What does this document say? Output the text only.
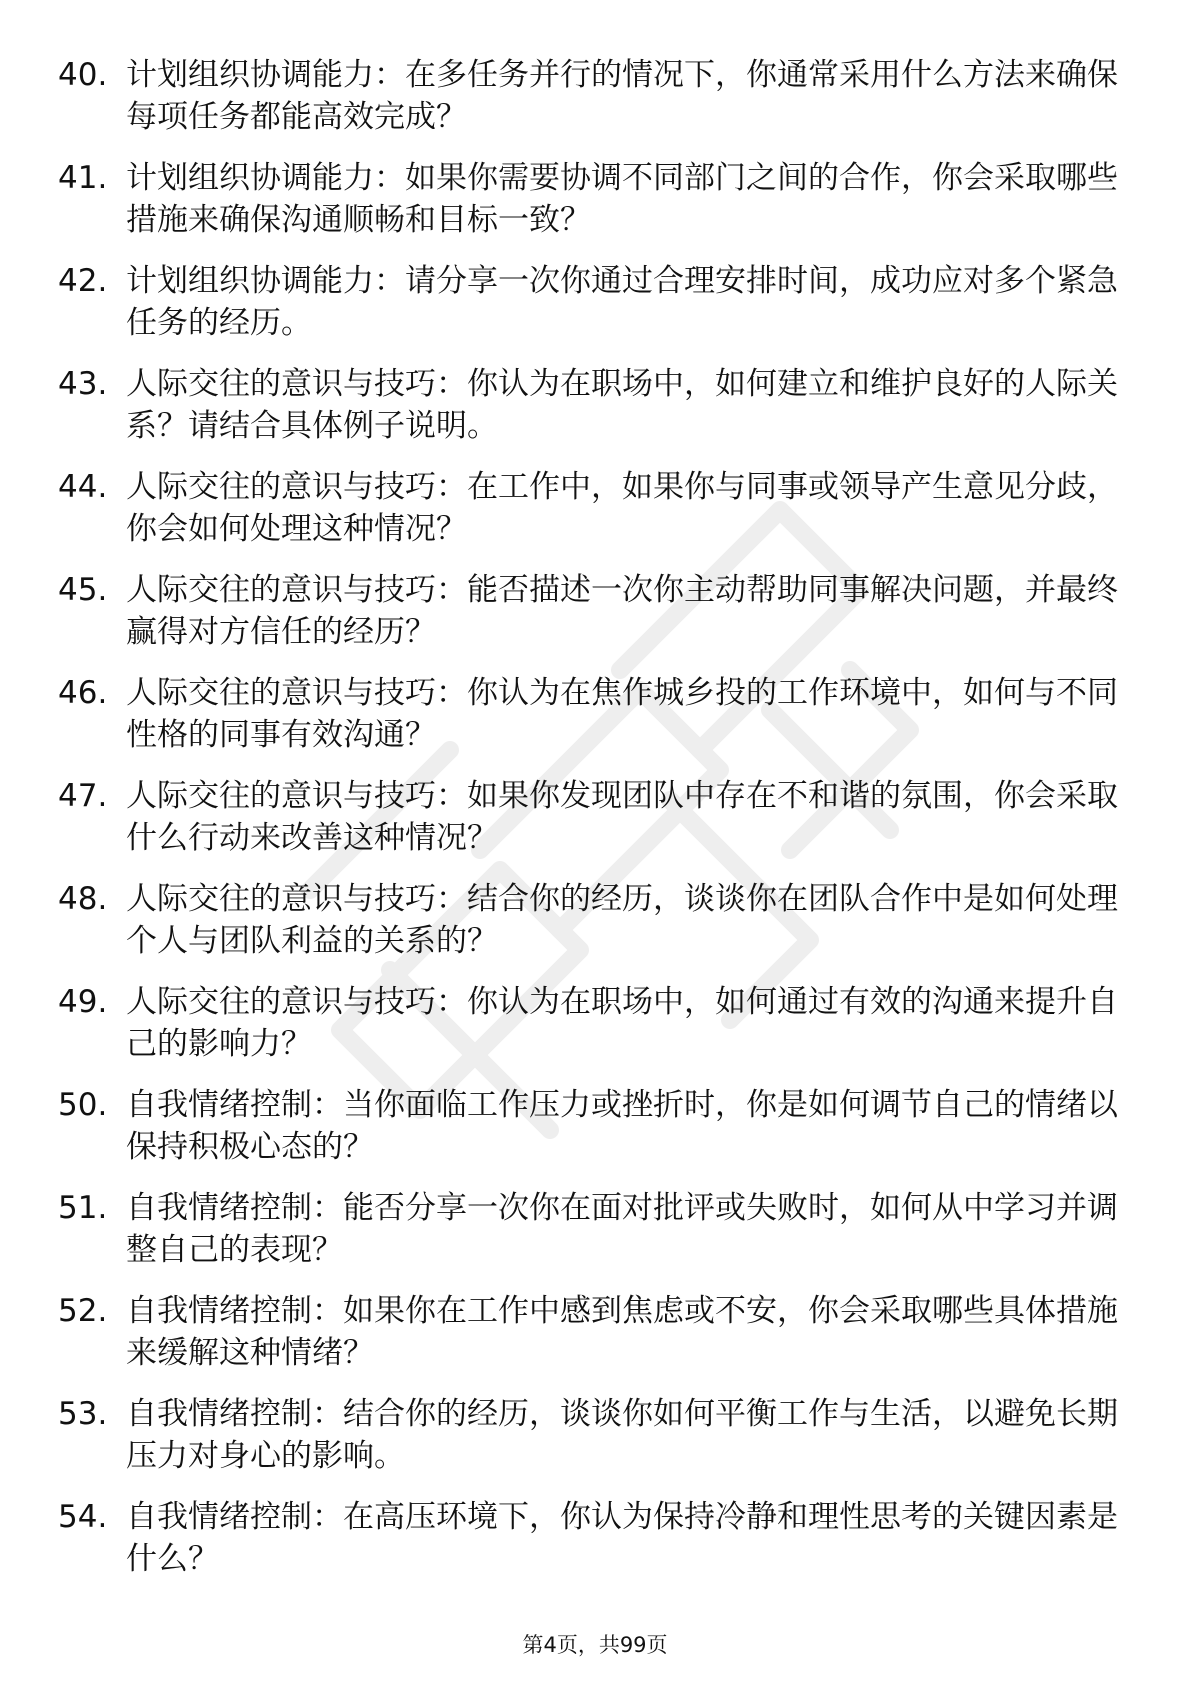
40. 计划组织协调能力：在多任务并行的情况下，你通常采用什么方法来确保每项任务都能高效完成？
41. 计划组织协调能力：如果你需要协调不同部门之间的合作，你会采取哪些措施来确保沟通顺畅和目标一致？
42. 计划组织协调能力：请分享一次你通过合理安排时间，成功应对多个紧急任务的经历。
43. 人际交往的意识与技巧：你认为在职场中，如何建立和维护良好的人际关系？请结合具体例子说明。
44. 人际交往的意识与技巧：在工作中，如果你与同事或领导产生意见分歧，你会如何处理这种情况？
45. 人际交往的意识与技巧：能否描述一次你主动帮助同事解决问题，并最终赢得对方信任的经历？
46. 人际交往的意识与技巧：你认为在焦作城乡投的工作环境中，如何与不同性格的同事有效沟通？
47. 人际交往的意识与技巧：如果你发现团队中存在不和谐的氛围，你会采取什么行动来改善这种情况？
48. 人际交往的意识与技巧：结合你的经历，谈谈你在团队合作中是如何处理个人与团队利益的关系的？
49. 人际交往的意识与技巧：你认为在职场中，如何通过有效的沟通来提升自己的影响力？
50. 自我情绪控制：当你面临工作压力或挫折时，你是如何调节自己的情绪以保持积极心态的？
51. 自我情绪控制：能否分享一次你在面对批评或失败时，如何从中学习并调整自己的表现？
52. 自我情绪控制：如果你在工作中感到焦虑或不安，你会采取哪些具体措施来缓解这种情绪？
53. 自我情绪控制：结合你的经历，谈谈你如何平衡工作与生活，以避免长期压力对身心的影响。
54. 自我情绪控制：在高压环境下，你认为保持冷静和理性思考的关键因素是什么？
第4页，共99页
